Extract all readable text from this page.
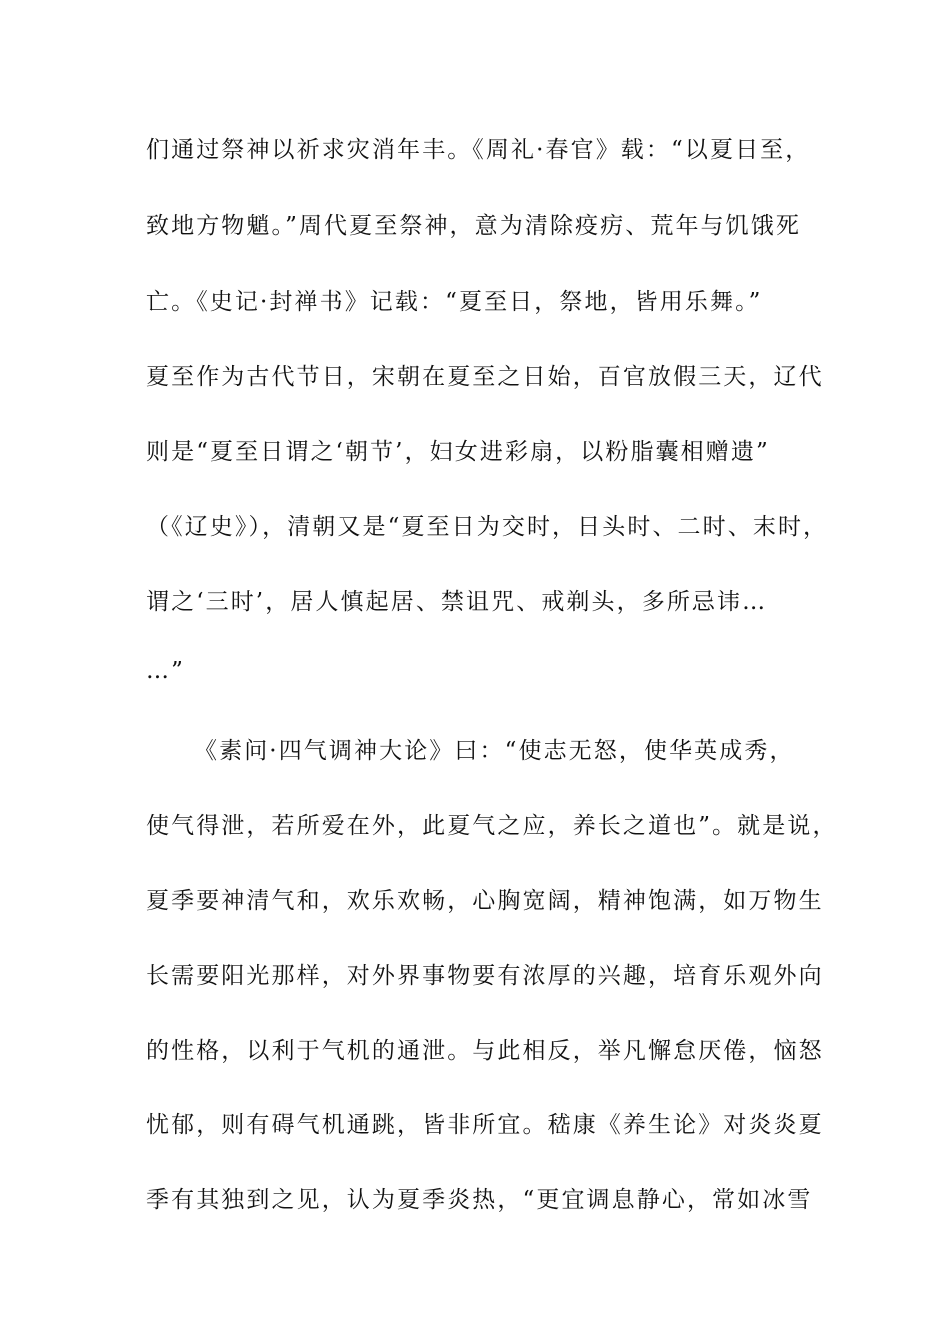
们通过祭神以祈求灾消年丰。《周礼·春官》载：“以夏日至，
致地方物魈。”周代夏至祭神，意为清除疫疠、荒年与饥饿死
亡。《史记·封禅书》记载：“夏至日，祭地，皆用乐舞。”
夏至作为古代节日，宋朝在夏至之日始，百官放假三天，辽代
则是“夏至日谓之‘朝节’，妇女进彩扇，以粉脂囊相赠遗”
（《辽史》），清朝又是“夏至日为交时，日头时、二时、末时，
谓之‘三时’，居人慎起居、禁诅咒、戒剃头，多所忌讳…
…”
《素问·四气调神大论》曰：“使志无怒，使华英成秀，
使气得泄，若所爱在外，此夏气之应，养长之道也”。就是说，
夏季要神清气和，欢乐欢畅，心胸宽阔，精神饱满，如万物生
长需要阳光那样，对外界事物要有浓厚的兴趣，培育乐观外向
的性格，以利于气机的通泄。与此相反，举凡懈怠厌倦，恼怒
忧郁，则有碍气机通跳，皆非所宜。嵇康《养生论》对炎炎夏
季有其独到之见，认为夏季炎热，“更宜调息静心，常如冰雪
